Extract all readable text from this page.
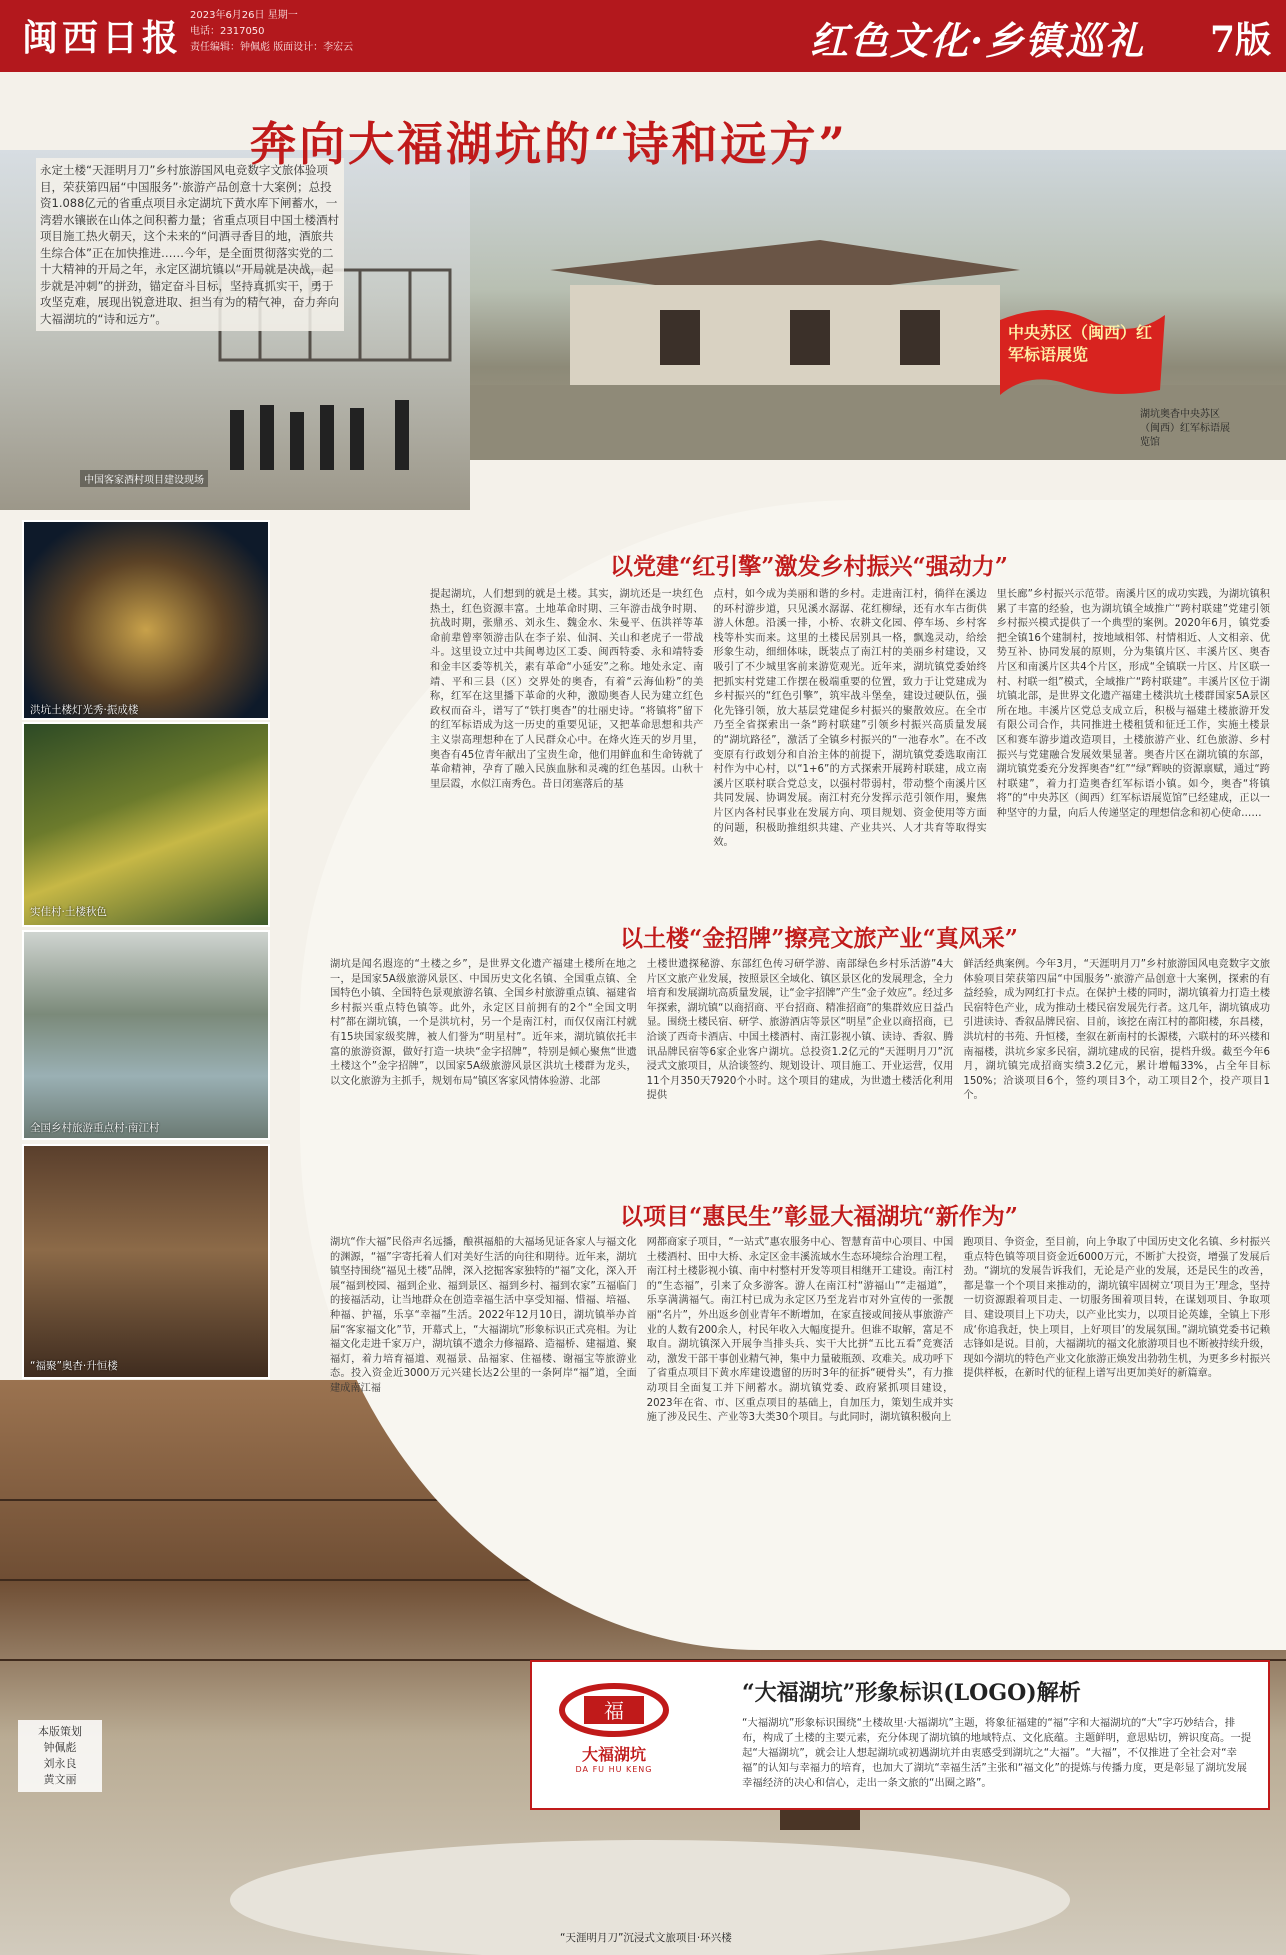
闽西日报
2023年6月26日 星期一
电话：2317050
责任编辑：钟佩彪 版面设计：李宏云	红色文化·乡镇巡礼 7版
中央苏区（闽西）红军标语展览
湖坑奥杳中央苏区（闽西）红军标语展览馆
永定土楼“天涯明月刀”乡村旅游国风电竞数字文旅体验项目，荣获第四届“中国服务”·旅游产品创意十大案例；总投资1.088亿元的省重点项目永定湖坑下黄水库下闸蓄水，一湾碧水镶嵌在山体之间积蓄力量；省重点项目中国土楼酒村项目施工热火朝天，这个未来的“问酒寻香目的地，酒旅共生综合体”正在加快推进……今年，是全面贯彻落实党的二十大精神的开局之年，永定区湖坑镇以“开局就是决战，起步就是冲刺”的拼劲，锚定奋斗目标，坚持真抓实干，勇于攻坚克难，展现出锐意进取、担当有为的精气神，奋力奔向大福湖坑的“诗和远方”。
中国客家酒村项目建设现场
奔向大福湖坑的“诗和远方”
洪坑土楼灯光秀·振成楼
实佳村·土楼秋色
全国乡村旅游重点村·南江村
“福聚”奥杳·升恒楼
“天涯明月刀”沉浸式文旅项目·环兴楼
以党建“红引擎”激发乡村振兴“强动力”
提起湖坑，人们想到的就是土楼。其实，湖坑还是一块红色热土，红色资源丰富。土地革命时期、三年游击战争时期、抗战时期，张鼎丞、刘永生、魏金水、朱曼平、伍洪祥等革命前辈曾率领游击队在李子岽、仙洞、关山和老虎子一带战斗。这里设立过中共闽粤边区工委、闽西特委、永和靖特委和金丰区委等机关，素有革命“小延安”之称。地处永定、南靖、平和三县（区）交界处的奥杳，有着“云海仙粉”的美称，红军在这里播下革命的火种，激励奥杳人民为建立红色政权而奋斗，谱写了“铁打奥杳”的壮丽史诗。“将镇将”留下的红军标语成为这一历史的重要见证，又把革命思想和共产主义崇高理想种在了人民群众心中。在烽火连天的岁月里，奥杳有45位青年献出了宝贵生命，他们用鲜血和生命铸就了革命精神，孕育了融入民族血脉和灵魂的红色基因。山秋十里层霞，水似江南秀色。昔日闭塞落后的基
点村，如今成为美丽和谐的乡村。走进南江村，徜徉在溪边的环村游步道，只见溪水潺潺、花红柳绿，还有水车古街供游人休憩。沿溪一排，小桥、农耕文化园、停车场、乡村客栈等朴实而来。这里的土楼民居别具一格，飘逸灵动，给绘形象生动，细细体味，既装点了南江村的美丽乡村建设，又吸引了不少城里客前来游览观光。近年来，湖坑镇党委始终把抓实村党建工作摆在极端重要的位置，致力于让党建成为乡村振兴的“红色引擎”，筑牢战斗堡垒，建设过硬队伍，强化先锋引领，放大基层党建促乡村振兴的聚散效应。在全市乃至全省探索出一条“跨村联建”引领乡村振兴高质量发展的“湖坑路径”，激活了全镇乡村振兴的“一池春水”。在不改变原有行政划分和自治主体的前提下，湖坑镇党委选取南江村作为中心村，以“1+6”的方式探索开展跨村联建，成立南溪片区联村联合党总支，以强村带弱村，带动整个南溪片区共同发展、协调发展。南江村充分发挥示范引领作用，聚焦片区内各村民事业在发展方向、项目规划、资金使用等方面的问题，积极助推组织共建、产业共兴、人才共育等取得实效。
里长廊”乡村振兴示范带。南溪片区的成功实践，为湖坑镇积累了丰富的经验，也为湖坑镇全域推广“跨村联建”党建引领乡村振兴模式提供了一个典型的案例。2020年6月，镇党委把全镇16个建制村，按地域相邻、村情相近、人文相亲、优势互补、协同发展的原则，分为集镇片区、丰溪片区、奥杳片区和南溪片区共4个片区，形成“全镇联一片区、片区联一村、村联一组”模式，全域推广“跨村联建”。丰溪片区位于湖坑镇北部，是世界文化遗产福建土楼洪坑土楼群国家5A景区所在地。丰溪片区党总支成立后，积极与福建土楼旅游开发有限公司合作，共同推进土楼租赁和征迁工作，实施土楼景区和赛车游步道改造项目，土楼旅游产业、红色旅游、乡村振兴与党建融合发展效果显著。奥杳片区在湖坑镇的东部，湖坑镇党委充分发挥奥杳“红”“绿”辉映的资源禀赋，通过“跨村联建”，着力打造奥杳红军标语小镇。如今，奥杳“将镇将”的“中央苏区（闽西）红军标语展览馆”已经建成，正以一种坚守的力量，向后人传递坚定的理想信念和初心使命……
以土楼“金招牌”擦亮文旅产业“真风采”
湖坑是闻名遐迩的“土楼之乡”，是世界文化遗产福建土楼所在地之一，是国家5A级旅游风景区、中国历史文化名镇、全国重点镇、全国特色小镇、全国特色景观旅游名镇、全国乡村旅游重点镇、福建省乡村振兴重点特色镇等。此外，永定区目前拥有的2个“全国文明村”都在湖坑镇，一个是洪坑村，另一个是南江村，而仅仅南江村就有15块国家级奖牌，被人们誉为“明星村”。近年来，湖坑镇依托丰富的旅游资源，做好打造一块块“金字招牌”，特别是倾心聚焦“世遗土楼这个”金字招牌”，以国家5A级旅游风景区洪坑土楼群为龙头，以文化旅游为主抓手，规划布局“镇区客家风情体验游、北部
土楼世遗探秘游、东部红色传习研学游、南部绿色乡村乐活游”4大片区文旅产业发展，按照景区全域化、镇区景区化的发展理念，全力培育和发展湖坑高质量发展，让“金字招牌”产生“金子效应”。经过多年探索，湖坑镇“以商招商、平台招商、精准招商”的集群效应日益凸显。围绕土楼民宿、研学、旅游酒店等景区“明星”企业以商招商，已洽谈了西奇卡酒店、中国土楼酒村、南江影视小镇、读诗、香叙、腾讯品牌民宿等6家企业客户湖坑。总投资1.2亿元的“天涯明月刀”沉浸式文旅项目，从洽谈签约、规划设计、项目施工、开业运营，仅用11个月350天7920个小时。这个项目的建成，为世遗土楼活化利用提供
鲜活经典案例。今年3月，“天涯明月刀”乡村旅游国风电竞数字文旅体验项目荣获第四届“中国服务”·旅游产品创意十大案例，探索的有益经验，成为网红打卡点。在保护土楼的同时，湖坑镇着力打造土楼民宿特色产业，成为推动土楼民宿发展先行者。这几年，湖坑镇成功引进读诗、香叙品牌民宿、目前，该挖在南江村的都阳楼，东昌楼，洪坑村的书苑、升恒楼，奎叙在新南村的长源楼，六联村的环兴楼和南福楼，洪坑乡家多民宿，湖坑建成的民宿，提档升级。截至今年6月，湖坑镇完成招商实绩3.2亿元，累计增幅33%，占全年目标150%；洽谈项目6个，签约项目3个，动工项目2个，投产项目1个。
以项目“惠民生”彰显大福湖坑“新作为”
湖坑“作大福”民俗声名远播，酿祺福船的大福场见证各家人与福文化的渊源，“福”字寄托着人们对美好生活的向往和期待。近年来，湖坑镇坚持围绕“福见土楼”品牌，深入挖掘客家独特的“福”文化，深入开展“福到校园、福到企业、福到景区、福到乡村、福到农家”五福临门的接福活动，让当地群众在创造幸福生活中享受知福、惜福、培福、种福、护福，乐享“幸福”生活。2022年12月10日，湖坑镇举办首届“客家福文化”节，开幕式上，“大福湖坑”形象标识正式亮相。为让福文化走进千家万户，湖坑镇不遗余力修福路、造福桥、建福道、聚福灯，着力培育福道、观福景、品福家、住福楼、谢福宝等旅游业态。投入资金近3000万元兴建长达2公里的一条阿岸“福”道，全面建成南江福
网都商家子项目，“一站式”惠农服务中心、智慧育苗中心项目、中国土楼酒村、田中大桥、永定区金丰溪流域水生态环境综合治理工程，南江村土楼影视小镇、南中村整村开发等项目相继开工建设。南江村的“生态福”，引来了众多游客。游人在南江村“游福山”“走福道”，乐享满满福气。南江村已成为永定区乃至龙岩市对外宣传的一张靓丽“名片”，外出返乡创业青年不断增加，在家直接或间接从事旅游产业的人数有200余人，村民年收入大幅度提升。但谁不取解，富足不取自。湖坑镇深入开展争当排头兵、实干大比拼“五比五看”竞赛活动，激发干部干事创业精气神，集中力量破瓶颈、攻难关。成功呼下了省重点项目下黄水库建设遗留的历时3年的征拆“硬骨头”，有力推动项目全面复工并下闸蓄水。湖坑镇党委、政府紧抓项目建设，2023年在省、市、区重点项目的基础上，自加压力，策划生成并实施了涉及民生、产业等3大类30个项目。与此同时，湖坑镇积极向上
跑项目、争资金，至目前，向上争取了中国历史文化名镇、乡村振兴重点特色镇等项目资金近6000万元，不断扩大投资，增强了发展后劲。“湖坑的发展告诉我们，无论是产业的发展，还是民生的改善，都是靠一个个项目来推动的，湖坑镇牢固树立‘项目为王’理念，坚持一切资源跟着项目走、一切服务围着项目转，在谋划项目、争取项目、建设项目上下功夫，以产业比实力，以项目论英雄，全镇上下形成‘你追我赶，快上项目，上好项目’的发展氛围。”湖坑镇党委书记赖志锋如是说。目前，大福湖坑的福文化旅游项目也不断被持续升级，现如今湖坑的特色产业文化旅游正焕发出勃勃生机，为更多乡村振兴提供样板，在新时代的征程上谱写出更加美好的新篇章。
福
大福湖坑
DA FU HU KENG
“大福湖坑”形象标识(LOGO)解析
“大福湖坑”形象标识围绕“土楼故里·大福湖坑”主题，将象征福建的“福”字和大福湖坑的“大”字巧妙结合，排布，构成了土楼的主要元素，充分体现了湖坑镇的地域特点、文化底蕴。主题鲜明，意思贴切，辨识度高。一提起“大福湖坑”，就会让人想起湖坑或初遇湖坑并由衷感受到湖坑之“大福”。“大福”，不仅推进了全社会对“幸福”的认知与幸福力的培育，也加大了湖坑“幸福生活”主张和“福文化”的提炼与传播力度，更是彰显了湖坑发展幸福经济的决心和信心，走出一条文旅的“出圈之路”。
本版策划
钟佩彪
刘永良
黄文丽
